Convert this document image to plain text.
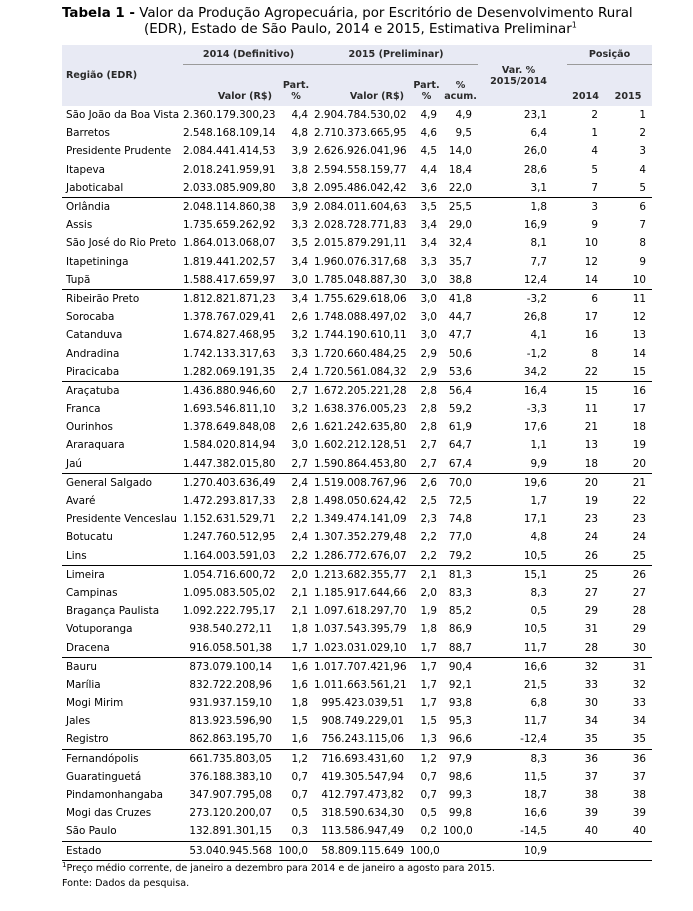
Tabela 1 - Valor da Produção Agropecuária, por Escritório de Desenvolvimento Rural
(EDR), Estado de São Paulo, 2014 e 2015, Estimativa Preliminar$^1$
Região (EDR)	2014 (Definitivo)		2015 (Preliminar)			Var. % 2015/2014		Posição	
	Valor (R$)	Part. %	Valor (R$)	Part. %	% acum.			2014	2015
São João da Boa Vista	2.360.179.300,23	4,4	2.904.784.530,02	4,9	4,9	23,1		2	1
Barretos	2.548.168.109,14	4,8	2.710.373.665,95	4,6	9,5	6,4		1	2
Presidente Prudente	2.084.441.414,53	3,9	2.626.926.041,96	4,5	14,0	26,0		4	3
Itapeva	2.018.241.959,91	3,8	2.594.558.159,77	4,4	18,4	28,6		5	4
Jaboticabal	2.033.085.909,80	3,8	2.095.486.042,42	3,6	22,0	3,1		7	5
Orlândia	2.048.114.860,38	3,9	2.084.011.604,63	3,5	25,5	1,8		3	6
Assis	1.735.659.262,92	3,3	2.028.728.771,83	3,4	29,0	16,9		9	7
São José do Rio Preto	1.864.013.068,07	3,5	2.015.879.291,11	3,4	32,4	8,1		10	8
Itapetininga	1.819.441.202,57	3,4	1.960.076.317,68	3,3	35,7	7,7		12	9
Tupã	1.588.417.659,97	3,0	1.785.048.887,30	3,0	38,8	12,4		14	10
Ribeirão Preto	1.812.821.871,23	3,4	1.755.629.618,06	3,0	41,8	-3,2		6	11
Sorocaba	1.378.767.029,41	2,6	1.748.088.497,02	3,0	44,7	26,8		17	12
Catanduva	1.674.827.468,95	3,2	1.744.190.610,11	3,0	47,7	4,1		16	13
Andradina	1.742.133.317,63	3,3	1.720.660.484,25	2,9	50,6	-1,2		8	14
Piracicaba	1.282.069.191,35	2,4	1.720.561.084,32	2,9	53,6	34,2		22	15
Araçatuba	1.436.880.946,60	2,7	1.672.205.221,28	2,8	56,4	16,4		15	16
Franca	1.693.546.811,10	3,2	1.638.376.005,23	2,8	59,2	-3,3		11	17
Ourinhos	1.378.649.848,08	2,6	1.621.242.635,80	2,8	61,9	17,6		21	18
Araraquara	1.584.020.814,94	3,0	1.602.212.128,51	2,7	64,7	1,1		13	19
Jaú	1.447.382.015,80	2,7	1.590.864.453,80	2,7	67,4	9,9		18	20
General Salgado	1.270.403.636,49	2,4	1.519.008.767,96	2,6	70,0	19,6		20	21
Avaré	1.472.293.817,33	2,8	1.498.050.624,42	2,5	72,5	1,7		19	22
Presidente Venceslau	1.152.631.529,71	2,2	1.349.474.141,09	2,3	74,8	17,1		23	23
Botucatu	1.247.760.512,95	2,4	1.307.352.279,48	2,2	77,0	4,8		24	24
Lins	1.164.003.591,03	2,2	1.286.772.676,07	2,2	79,2	10,5		26	25
Limeira	1.054.716.600,72	2,0	1.213.682.355,77	2,1	81,3	15,1		25	26
Campinas	1.095.083.505,02	2,1	1.185.917.644,66	2,0	83,3	8,3		27	27
Bragança Paulista	1.092.222.795,17	2,1	1.097.618.297,70	1,9	85,2	0,5		29	28
Votuporanga	938.540.272,11	1,8	1.037.543.395,79	1,8	86,9	10,5		31	29
Dracena	916.058.501,38	1,7	1.023.031.029,10	1,7	88,7	11,7		28	30
Bauru	873.079.100,14	1,6	1.017.707.421,96	1,7	90,4	16,6		32	31
Marília	832.722.208,96	1,6	1.011.663.561,21	1,7	92,1	21,5		33	32
Mogi Mirim	931.937.159,10	1,8	995.423.039,51	1,7	93,8	6,8		30	33
Jales	813.923.596,90	1,5	908.749.229,01	1,5	95,3	11,7		34	34
Registro	862.863.195,70	1,6	756.243.115,06	1,3	96,6	-12,4		35	35
Fernandópolis	661.735.803,05	1,2	716.693.431,60	1,2	97,9	8,3		36	36
Guaratinguetá	376.188.383,10	0,7	419.305.547,94	0,7	98,6	11,5		37	37
Pindamonhangaba	347.907.795,08	0,7	412.797.473,82	0,7	99,3	18,7		38	38
Mogi das Cruzes	273.120.200,07	0,5	318.590.634,30	0,5	99,8	16,6		39	39
São Paulo	132.891.301,15	0,3	113.586.947,49	0,2	100,0	-14,5		40	40
Estado	53.040.945.568	100,0	58.809.115.649	100,0		10,9			
$^1$Preço médio corrente, de janeiro a dezembro para 2014 e de janeiro a agosto para 2015.
Fonte: Dados da pesquisa.
